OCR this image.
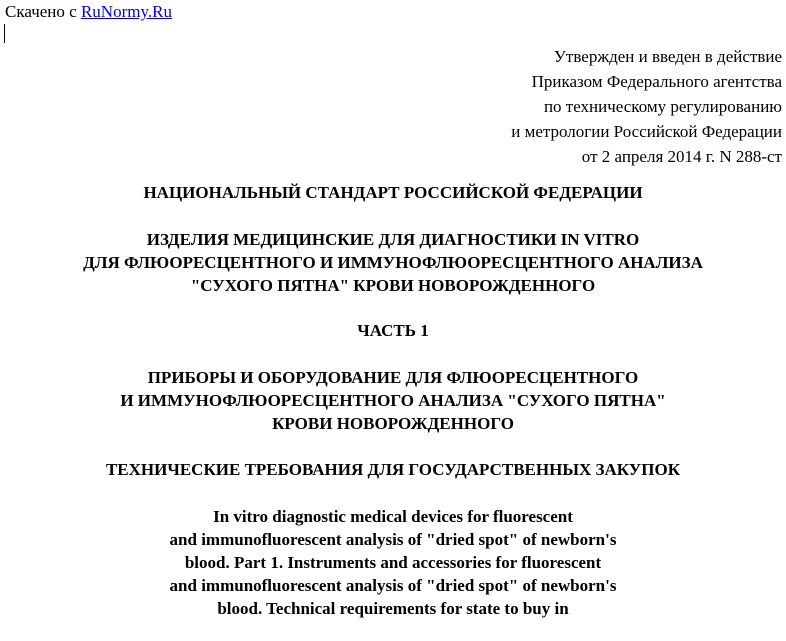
Скачено с RuNormy.Ru
Утвержден и введен в действие
Приказом Федерального агентства
по техническому регулированию
и метрологии Российской Федерации
от 2 апреля 2014 г. N 288-ст
НАЦИОНАЛЬНЫЙ СТАНДАРТ РОССИЙСКОЙ ФЕДЕРАЦИИ
ИЗДЕЛИЯ МЕДИЦИНСКИЕ ДЛЯ ДИАГНОСТИКИ IN VITRO
ДЛЯ ФЛЮОРЕСЦЕНТНОГО И ИММУНОФЛЮОРЕСЦЕНТНОГО АНАЛИЗА
"СУХОГО ПЯТНА" КРОВИ НОВОРОЖДЕННОГО
ЧАСТЬ 1
ПРИБОРЫ И ОБОРУДОВАНИЕ ДЛЯ ФЛЮОРЕСЦЕНТНОГО
И ИММУНОФЛЮОРЕСЦЕНТНОГО АНАЛИЗА "СУХОГО ПЯТНА"
КРОВИ НОВОРОЖДЕННОГО
ТЕХНИЧЕСКИЕ ТРЕБОВАНИЯ ДЛЯ ГОСУДАРСТВЕННЫХ ЗАКУПОК
In vitro diagnostic medical devices for fluorescent
and immunofluorescent analysis of "dried spot" of newborn's
blood. Part 1. Instruments and accessories for fluorescent
and immunofluorescent analysis of "dried spot" of newborn's
blood. Technical requirements for state to buy in
